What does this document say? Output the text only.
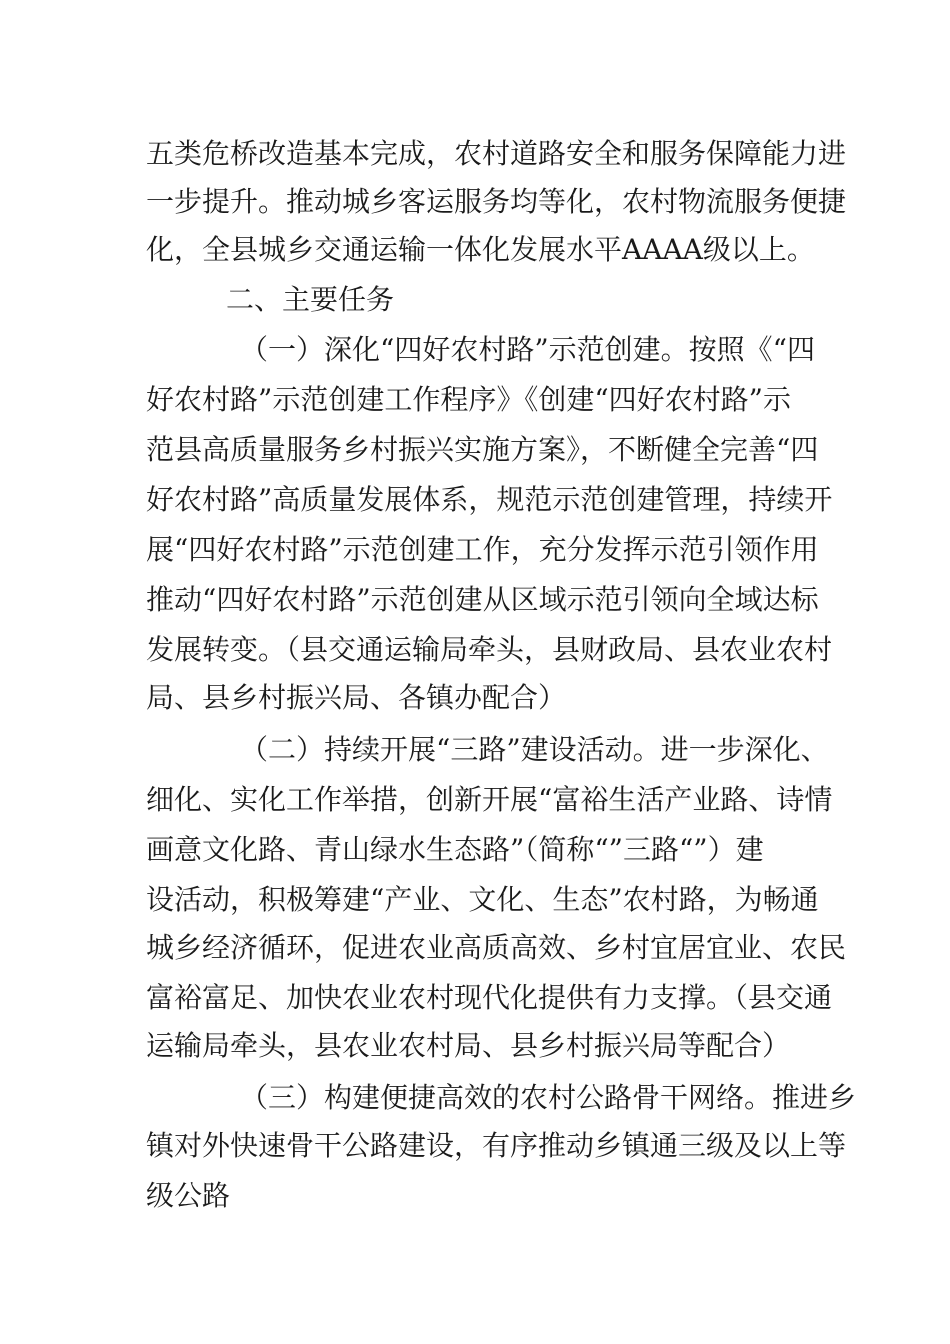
五类危桥改造基本完成，农村道路安全和服务保障能力进
一步提升。推动城乡客运服务均等化，农村物流服务便捷
化，全县城乡交通运输一体化发展水平AAAA级以上。
二、主要任务
（一）深化“四好农村路”示范创建。按照《“四
好农村路”示范创建工作程序》《创建“四好农村路”示
范县高质量服务乡村振兴实施方案》，不断健全完善“四
好农村路”高质量发展体系，规范示范创建管理，持续开
展“四好农村路”示范创建工作，充分发挥示范引领作用
推动“四好农村路”示范创建从区域示范引领向全域达标
发展转变。（县交通运输局牵头，县财政局、县农业农村
局、县乡村振兴局、各镇办配合）
（二）持续开展“三路”建设活动。进一步深化、
细化、实化工作举措，创新开展“富裕生活产业路、诗情
画意文化路、青山绿水生态路”（简称“”三路“”）建
设活动，积极筹建“产业、文化、生态”农村路，为畅通
城乡经济循环，促进农业高质高效、乡村宜居宜业、农民
富裕富足、加快农业农村现代化提供有力支撑。（县交通
运输局牵头，县农业农村局、县乡村振兴局等配合）
（三）构建便捷高效的农村公路骨干网络。推进乡
镇对外快速骨干公路建设，有序推动乡镇通三级及以上等
级公路
